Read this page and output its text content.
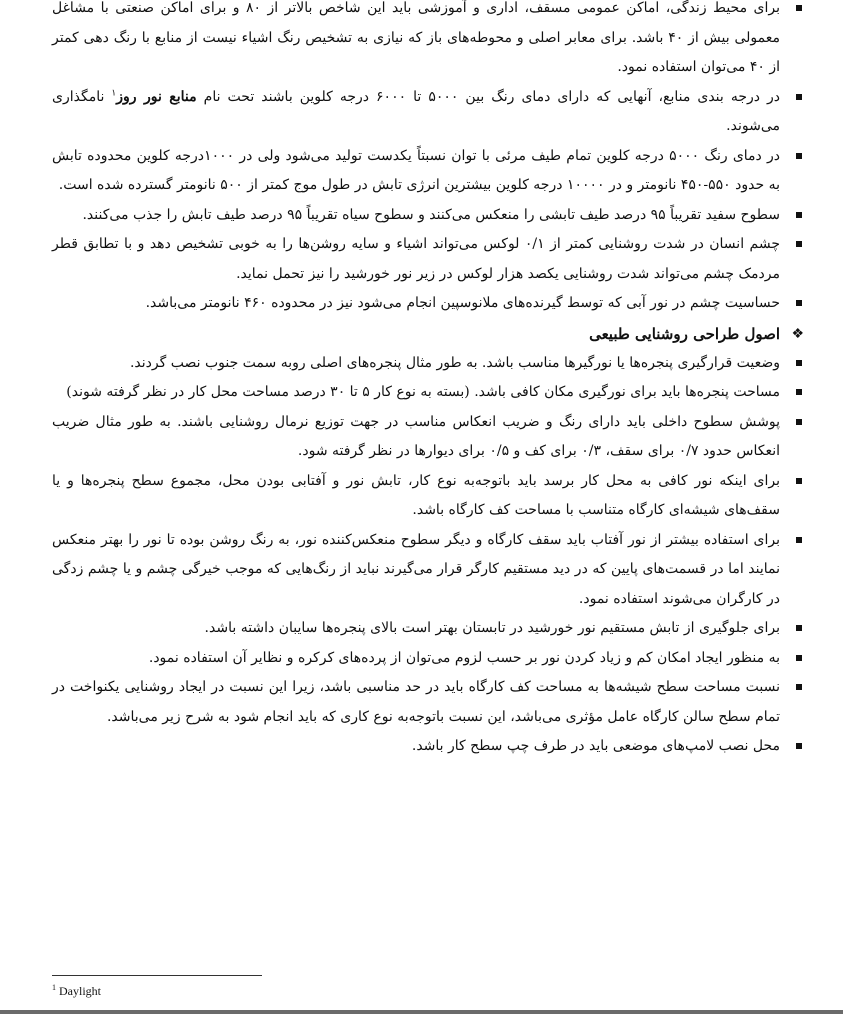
برای محیط زندگی، اماکن عمومی مسقف، اداری و آموزشی باید این شاخص بالاتر از ۸۰ و برای اماکن صنعتی با مشاغل معمولی بیش از ۴۰ باشد. برای معابر اصلی و محوطه‌های باز که نیازی به تشخیص رنگ اشیاء نیست از منابع با رنگ دهی کمتر از ۴۰ می‌توان استفاده نمود.

در درجه بندی منابع، آنهایی که دارای دمای رنگ بین ۵۰۰۰ تا ۶۰۰۰ درجه کلوین باشند تحت نام منابع نور روز$^۱$ نامگذاری می‌شوند.

در دمای رنگ ۵۰۰۰ درجه کلوین تمام طیف مرئی با توان نسبتاً یکدست تولید می‌شود ولی در ۱۰۰۰درجه کلوین محدوده تابش به حدود ۵۵۰-۴۵۰ نانومتر و در ۱۰۰۰۰ درجه کلوین بیشترین انرژی تابش در طول موج کمتر از ۵۰۰ نانومتر گسترده شده است.

سطوح سفید تقریباً ۹۵ درصد طیف تابشی را منعکس می‌کنند و سطوح سیاه تقریباً ۹۵ درصد طیف تابش را جذب می‌کنند.

چشم انسان در شدت روشنایی کمتر از ۰/۱ لوکس می‌تواند اشیاء و سایه روشن‌ها را به خوبی تشخیص دهد و با تطابق قطر مردمک چشم می‌تواند شدت روشنایی یکصد هزار لوکس در زیر نور خورشید را نیز تحمل نماید.

حساسیت چشم در نور آبی که توسط گیرنده‌های ملانوسپین انجام می‌شود نیز در محدوده ۴۶۰ نانومتر می‌باشد.

❖
اصول طراحی روشنایی طبیعی

وضعیت قرارگیری پنجره‌ها یا نورگیرها مناسب باشد. به طور مثال پنجره‌های اصلی روبه سمت جنوب نصب گردند.

مساحت پنجره‌ها باید برای نورگیری مکان کافی باشد. (بسته به نوع کار ۵ تا ۳۰ درصد مساحت محل کار در نظر گرفته شوند)

پوشش سطوح داخلی باید دارای رنگ و ضریب انعکاس مناسب در جهت توزیع نرمال روشنایی باشند. به طور مثال ضریب انعکاس حدود ۰/۷ برای سقف، ۰/۳ برای کف و ۰/۵ برای دیوارها در نظر گرفته شود.

برای اینکه نور کافی به محل کار برسد باید باتوجه‌به نوع کار، تابش نور و آفتابی بودن محل، مجموع سطح پنجره‌ها و یا سقف‌های شیشه‌ای کارگاه متناسب با مساحت کف کارگاه باشد.

برای استفاده بیشتر از نور آفتاب باید سقف کارگاه و دیگر سطوح منعکس‌کننده نور، به رنگ روشن بوده تا نور را بهتر منعکس نمایند اما در قسمت‌های پایین که در دید مستقیم کارگر قرار می‌گیرند نباید از رنگ‌هایی که موجب خیرگی چشم و یا چشم زدگی در کارگران می‌شوند استفاده نمود.

برای جلوگیری از تابش مستقیم نور خورشید در تابستان بهتر است بالای پنجره‌ها سایبان داشته باشد.

به منظور ایجاد امکان کم و زیاد کردن نور بر حسب لزوم می‌توان از پرده‌های کرکره و نظایر آن استفاده نمود.

نسبت مساحت سطح شیشه‌ها به مساحت کف کارگاه باید در حد مناسبی باشد، زیرا این نسبت در ایجاد روشنایی یکنواخت در تمام سطح سالن کارگاه عامل مؤثری می‌باشد، این نسبت باتوجه‌به نوع کاری که باید انجام شود به شرح زیر می‌باشد.

محل نصب لامپ‌های موضعی باید در طرف چپ سطح کار باشد.

$^1$ Daylight
